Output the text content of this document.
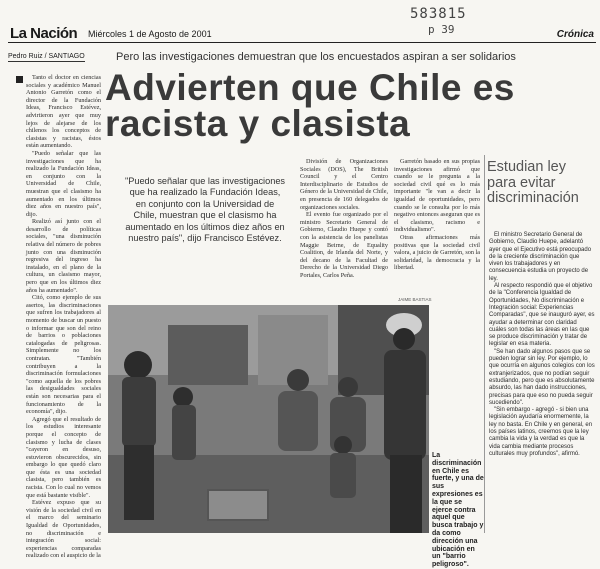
583815
p 39
La Nación Miércoles 1 de Agosto de 2001	Crónica
Pedro Ruiz / SANTIAGO	Pero las investigaciones demuestran que los encuestados aspiran a ser solidarios
Advierten que Chile es racista y clasista

Tanto el doctor en ciencias sociales y académico Manuel Antonio Garretón como el director de la Fundación Ideas, Francisco Estévez, advirtieron ayer que muy lejos de alejarse de los chilenos los conceptos de clasistas y racistas, éstos están aumentando.

"Puedo señalar que las investigaciones que ha realizado la Fundación Ideas, en conjunto con la Universidad de Chile, muestran que el clasismo ha aumentado en los últimos diez años en nuestro país", dijo.

Realizó así junto con el desarrollo de políticas sociales, "una disminución relativa del número de pobres junto con una disminución regresiva del ingreso ha instalado, en el plano de la cultura, un clasismo mayor, pero que en los últimos diez años ha aumentado".

Citó, como ejemplo de sus asertos, las discriminaciones que sufren los trabajadores al momento de buscar un puesto o informar que son del reino de barrios o poblaciones catalogadas de peligrosas. Simplemente no los contratan. "También contribuyen a la discriminación formulaciones "como aquella de los pobres las desigualdades sociales están son necesarias para el funcionamiento de la economía", dijo.

Agregó que el resultado de los estudios interesante porque el concepto de clasismo y lucha de clases "cayeron en desuso, estuvieron obscurecidos, sin embargo lo que quedó claro que ésta es una sociedad clasista, pero también es racista. Con lo cual no vemos que está bastante visible".

Estévez expuso que su visión de la sociedad civil en el marco del seminario Igualdad de Oportunidades, no discriminación e integración social: experiencias comparadas realizado con el auspicio de la

"Puedo señalar que las investigaciones que ha realizado la Fundación Ideas, en conjunto con la Universidad de Chile, muestran que el clasismo ha aumentado en los últimos diez años en nuestro país", dijo Francisco Estévez.

División de Organizaciones Sociales (DOS), The British Council y el Centro Interdisciplinario de Estudios de Género de la Universidad de Chile, en presencia de 160 delegados de organizaciones sociales.

El evento fue organizado por el ministro Secretario General de Gobierno, Claudio Huepe y contó con la asistencia de los panelistas Maggie Beirne, de Equality Coalition, de Irlanda del Norte, y del decano de la Facultad de Derecho de la Universidad Diego Portales, Carlos Peña.

Garretón basado en sus propias investigaciones afirmó que cuando se le pregunta a la sociedad civil qué es lo más importante "le van a decir la igualdad de oportunidades, pero cuando se le consulta por lo más negativo entonces aseguran que es el clasismo, racismo e individualismo".

Otras afirmaciones más positivas que la sociedad civil valora, a juicio de Garretón, son la solidaridad, la democracia y la libertad.

Estudian ley para evitar discriminación

El ministro Secretario General de Gobierno, Claudio Huepe, adelantó ayer que el Ejecutivo está preocupado de la creciente discriminación que viven los trabajadores y en consecuencia estudia un proyecto de ley.

Al respecto respondió que el objetivo de la "Conferencia Igualdad de Oportunidades, No discriminación e Integración social: Experiencias Comparadas", que se inauguró ayer, es ayudar a determinar con claridad cuáles son todas las áreas en las que se produce discriminación y tratar de legislar en esa materia.

"Se han dado algunos pasos que se pueden lograr sin ley. Por ejemplo, lo que ocurría en algunos colegios con los extranjerizados, que no podían seguir estudiando, pero que es absolutamente absurdo, las han dado instrucciones, precisas para que eso no pueda seguir sucediendo".

"Sin embargo - agregó - si bien una legislación ayudaría enormemente, la ley no basta. En Chile y en general, en los países latinos, creemos que la ley cambia la vida y la verdad es que la vida cambia mediante procesos culturales muy profundos", afirmó.

JAIME BASTIAS
La discriminación en Chile es fuerte, y una de sus expresiones es la que se ejerce contra aquel que busca trabajo y da como dirección una ubicación en un "barrio peligroso".
